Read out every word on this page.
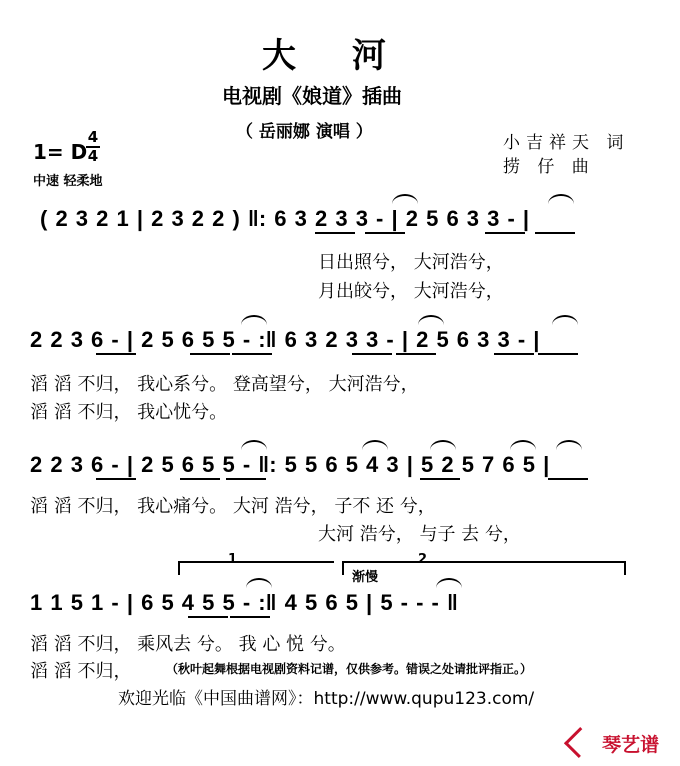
大 河
电视剧《娘道》插曲
（ 岳丽娜 演唱 ）
小吉祥天 词
捞 仔 曲
1= D
4
4
中速 轻柔地
( 2 3 2 1 | 2 3 2 2 ) ‖: 6 3 2 3 3 - | 2 5 6 3 3 - |
日出照兮， 大河浩兮，
月出皎兮， 大河浩兮，
2 2 3 6 - | 2 5 6 5 5 - :‖ 6 3 2 3 3 - | 2 5 6 3 3 - |
滔 滔 不归， 我心系兮。 登高望兮， 大河浩兮，
滔 滔 不归， 我心忧兮。
2 2 3 6 - | 2 5 6 5 5 - ‖: 5 5 6 5 4 3 | 5 2 5 7 6 5 |
滔 滔 不归， 我心痛兮。 大河 浩兮， 子不 还 兮，
大河 浩兮， 与子 去 兮，
1	2
渐慢
1 1 5 1 - | 6 5 4 5 5 - :‖ 4 5 6 5 | 5 - - - ‖
滔 滔 不归， 乘风去 兮。 我 心 悦 兮。
滔 滔 不归，	（秋叶起舞根据电视剧资料记谱，仅供参考。错误之处请批评指正。）
欢迎光临《中国曲谱网》：http://www.qupu123.com/
琴艺谱
